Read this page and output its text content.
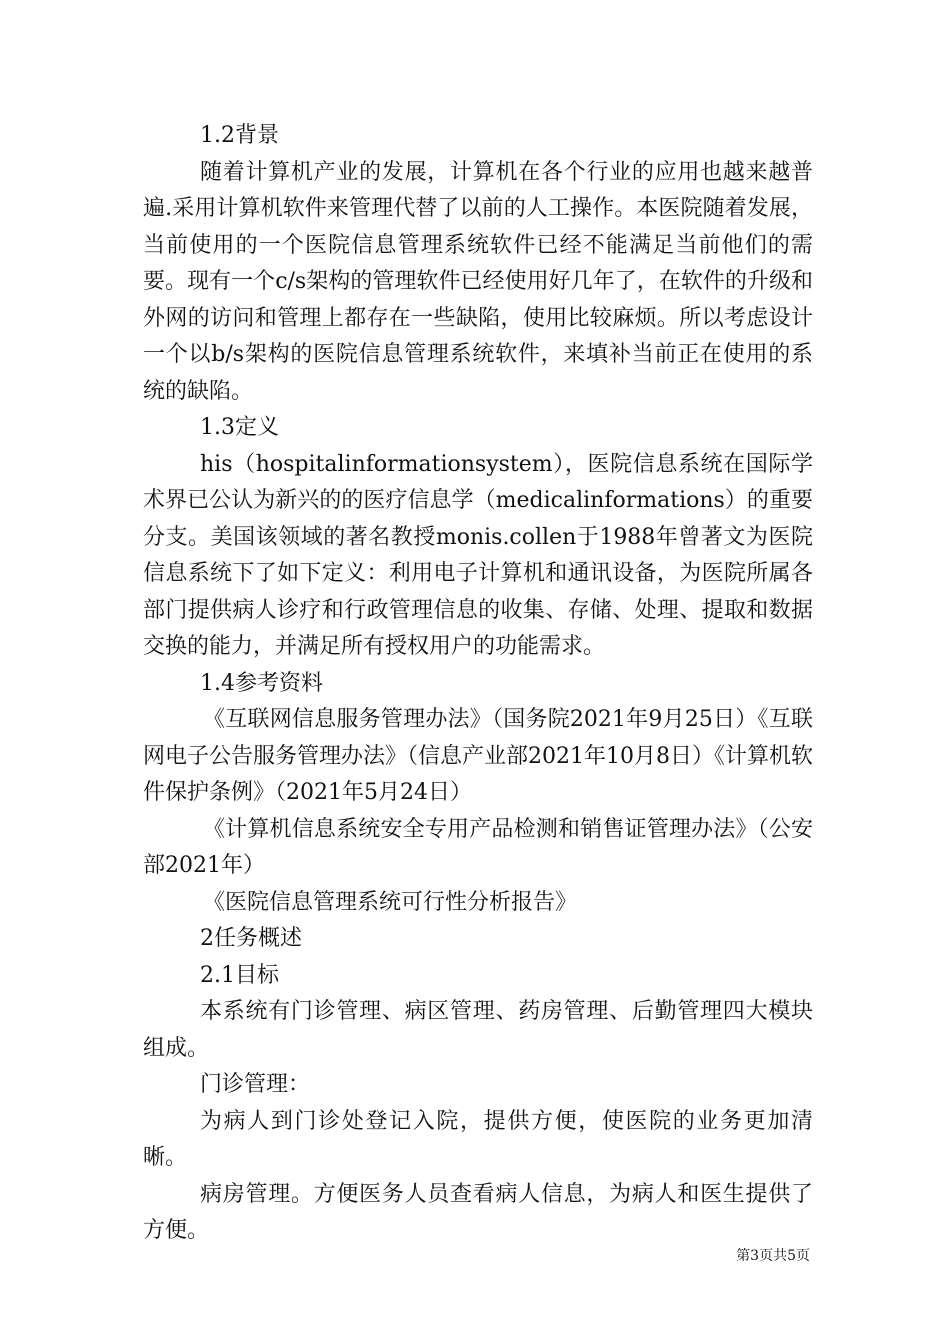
1.2背景

随着计算机产业的发展，计算机在各个行业的应用也越来越普遍.采用计算机软件来管理代替了以前的人工操作。本医院随着发展，当前使用的一个医院信息管理系统软件已经不能满足当前他们的需要。现有一个c/s架构的管理软件已经使用好几年了，在软件的升级和外网的访问和管理上都存在一些缺陷，使用比较麻烦。所以考虑设计一个以b/s架构的医院信息管理系统软件，来填补当前正在使用的系统的缺陷。

1.3定义

his（hospitalinformationsystem），医院信息系统在国际学术界已公认为新兴的的医疗信息学（medicalinformations）的重要分支。美国该领域的著名教授monis.collen于1988年曾著文为医院信息系统下了如下定义：利用电子计算机和通讯设备，为医院所属各部门提供病人诊疗和行政管理信息的收集、存储、处理、提取和数据交换的能力，并满足所有授权用户的功能需求。

1.4参考资料

《互联网信息服务管理办法》（国务院2021年9月25日）《互联网电子公告服务管理办法》（信息产业部2021年10月8日）《计算机软件保护条例》（2021年5月24日）

《计算机信息系统安全专用产品检测和销售证管理办法》（公安部2021年）

《医院信息管理系统可行性分析报告》

2任务概述

2.1目标

本系统有门诊管理、病区管理、药房管理、后勤管理四大模块组成。

门诊管理：

为病人到门诊处登记入院，提供方便，使医院的业务更加清晰。

病房管理。方便医务人员查看病人信息，为病人和医生提供了方便。

第3页共5页
